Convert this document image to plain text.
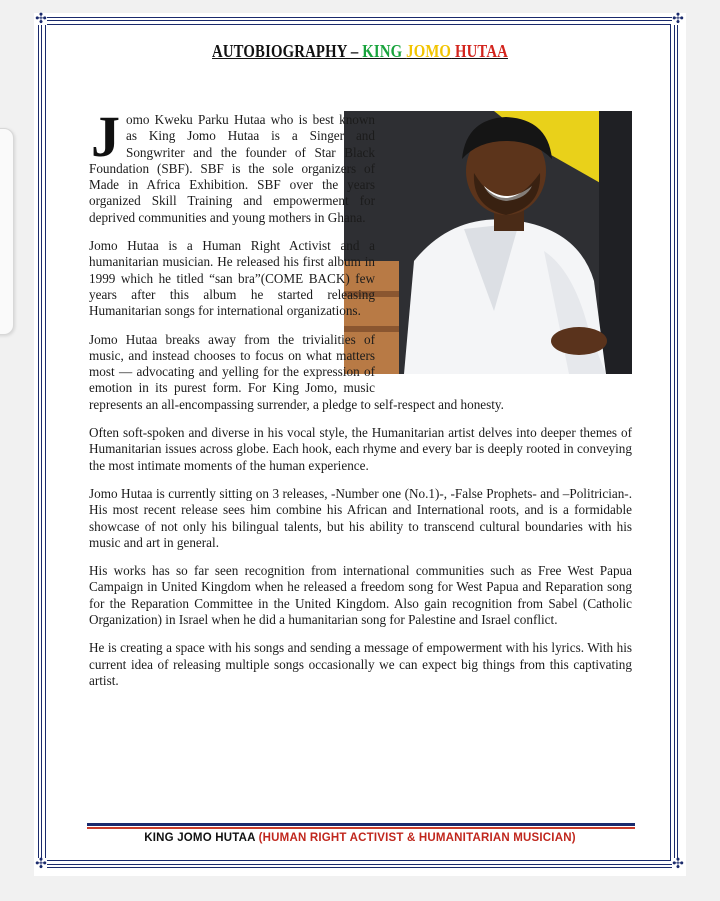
✣	✣
✣	✣
AUTOBIOGRAPHY – KING JOMO HUTAA

Jomo Kweku Parku Hutaa who is best known as King Jomo Hutaa is a Singer and Songwriter and the founder of Star Black Foundation (SBF). SBF is the sole organizers of Made in Africa Exhibition. SBF over the years organized Skill Training and empowerment for deprived communities and young mothers in Ghana.

Jomo Hutaa is a Human Right Activist and a humanitarian musician. He released his first album in 1999 which he titled “san bra”(COME BACK) few years after this album he started releasing Humanitarian songs for international organizations.

Jomo Hutaa breaks away from the trivialities of music, and instead chooses to focus on what matters most — advocating and yelling for the expression of emotion in its purest form. For King Jomo, music represents an all-encompassing surrender, a pledge to self-respect and honesty.

Often soft-spoken and diverse in his vocal style, the Humanitarian artist delves into deeper themes of Humanitarian issues across globe. Each hook, each rhyme and every bar is deeply rooted in conveying the most intimate moments of the human experience.

Jomo Hutaa is currently sitting on 3 releases, -Number one (No.1)-, -False Prophets- and –Politrician-. His most recent release sees him combine his African and International roots, and is a formidable showcase of not only his bilingual talents, but his ability to transcend cultural boundaries with his music and art in general.

His works has so far seen recognition from international communities such as Free West Papua Campaign in United Kingdom when he released a freedom song for West Papua and Reparation song for the Reparation Committee in the United Kingdom. Also gain recognition from Sabel (Catholic Organization) in Israel when he did a humanitarian song for Palestine and Israel conflict.

He is creating a space with his songs and sending a message of empowerment with his lyrics. With his current idea of releasing multiple songs occasionally we can expect big things from this captivating artist.

KING JOMO HUTAA (HUMAN RIGHT ACTIVIST & HUMANITARIAN MUSICIAN)
